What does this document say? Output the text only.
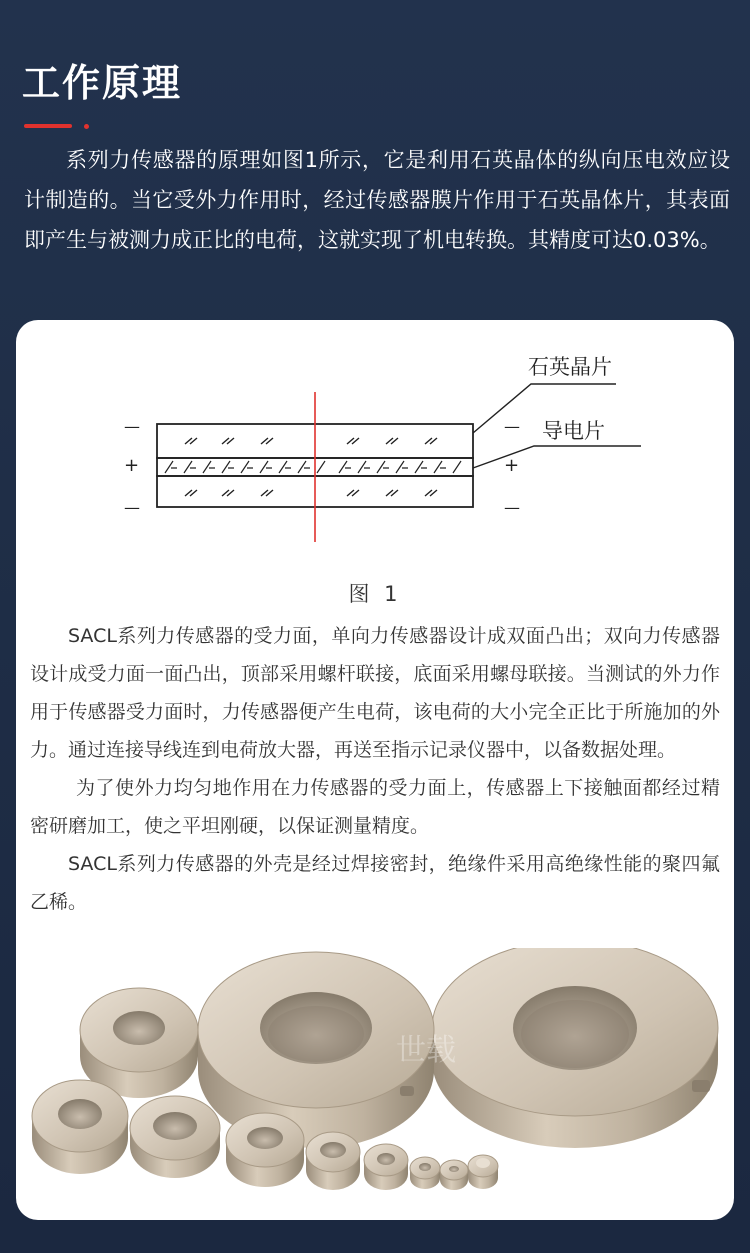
工作原理

系列力传感器的原理如图1所示，它是利用石英晶体的纵向压电效应设计制造的。当它受外力作用时，经过传感器膜片作用于石英晶体片，其表面即产生与被测力成正比的电荷，这就实现了机电转换。其精度可达0.03%。

石英晶片
导电片
—
+
—
—
+
—
图 1

SACL系列力传感器的受力面，单向力传感器设计成双面凸出；双向力传感器设计成受力面一面凸出，顶部采用螺杆联接，底面采用螺母联接。当测试的外力作用于传感器受力面时，力传感器便产生电荷，该电荷的大小完全正比于所施加的外力。通过连接导线连到电荷放大器，再送至指示记录仪器中，以备数据处理。

为了使外力均匀地作用在力传感器的受力面上，传感器上下接触面都经过精密研磨加工，使之平坦刚硬，以保证测量精度。

SACL系列力传感器的外壳是经过焊接密封，绝缘件采用高绝缘性能的聚四氟乙稀。

世载
